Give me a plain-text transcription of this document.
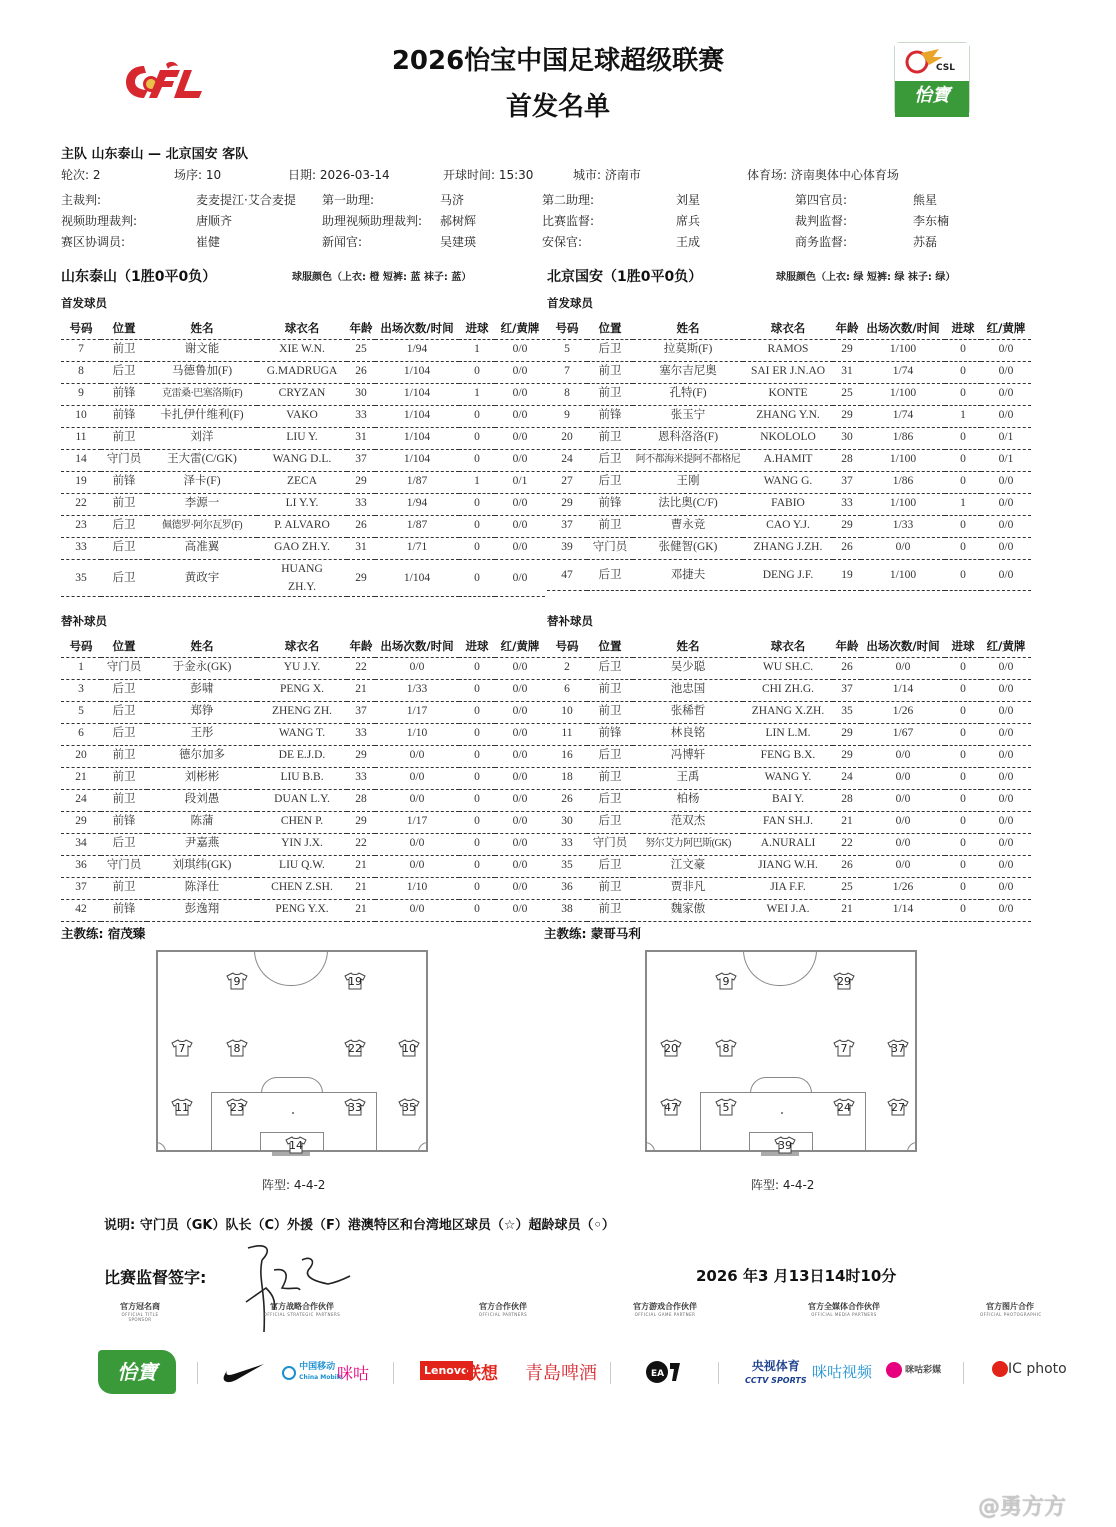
2026怡宝中国足球超级联赛
首发名单
CSL
怡寶
主队 山东泰山 — 北京国安 客队
轮次: 2	场序: 10	日期: 2026-03-14	开球时间: 15:30	城市: 济南市	体育场: 济南奥体中心体育场
主裁判:	麦麦提江·艾合麦提 第一助理:	马济	第二助理:	刘星	第四官员:	熊星
视频助理裁判:	唐顺齐	助理视频助理裁判: 郝树辉	比赛监督:	席兵	裁判监督:	李东楠
赛区协调员:	崔健	新闻官:	吴建瑛	安保官:	王成	商务监督:	苏磊
山东泰山（1胜0平0负）	球服颜色（上衣: 橙 短裤: 蓝 袜子: 蓝）
首发球员
北京国安（1胜0平0负）	球服颜色（上衣: 绿 短裤: 绿 袜子: 绿）
首发球员
号码	位置	姓名	球衣名	年龄	出场次数/时间	进球	红/黄牌
7	前卫	谢文能	XIE W.N.	25	1/94	1	0/0
8	后卫	马德鲁加(F)	G.MADRUGA	26	1/104	0	0/0
9	前锋	克雷桑·巴塞洛斯(F)	CRYZAN	30	1/104	1	0/0
10	前锋	卡扎伊什维利(F)	VAKO	33	1/104	0	0/0
11	前卫	刘洋	LIU Y.	31	1/104	0	0/0
14	守门员	王大雷(C/GK)	WANG D.L.	37	1/104	0	0/0
19	前锋	泽卡(F)	ZECA	29	1/87	1	0/1
22	前卫	李源一	LI Y.Y.	33	1/94	0	0/0
23	后卫	佩德罗·阿尔瓦罗(F)	P. ALVARO	26	1/87	0	0/0
33	后卫	高准翼	GAO ZH.Y.	31	1/71	0	0/0
35	后卫	黄政宇	HUANG ZH.Y.	29	1/104	0	0/0
号码	位置	姓名	球衣名	年龄	出场次数/时间	进球	红/黄牌
5	后卫	拉莫斯(F)	RAMOS	29	1/100	0	0/0
7	前卫	塞尔吉尼奥	SAI ER J.N.AO	31	1/74	0	0/0
8	前卫	孔特(F)	KONTE	25	1/100	0	0/0
9	前锋	张玉宁	ZHANG Y.N.	29	1/74	1	0/0
20	前卫	恩科洛洛(F)	NKOLOLO	30	1/86	0	0/1
24	后卫	阿不都海米提阿不都格尼	A.HAMIT	28	1/100	0	0/1
27	后卫	王刚	WANG G.	37	1/86	0	0/0
29	前锋	法比奥(C/F)	FABIO	33	1/100	1	0/0
37	前卫	曹永竞	CAO Y.J.	29	1/33	0	0/0
39	守门员	张健智(GK)	ZHANG J.ZH.	26	0/0	0	0/0
47	后卫	邓捷夫	DENG J.F.	19	1/100	0	0/0
号码	位置	姓名	球衣名	年龄	出场次数/时间	进球	红/黄牌
1	守门员	于金永(GK)	YU J.Y.	22	0/0	0	0/0
3	后卫	彭啸	PENG X.	21	1/33	0	0/0
5	后卫	郑铮	ZHENG ZH.	37	1/17	0	0/0
6	后卫	王彤	WANG T.	33	1/10	0	0/0
20	前卫	德尔加多	DE E.J.D.	29	0/0	0	0/0
21	前卫	刘彬彬	LIU B.B.	33	0/0	0	0/0
24	前卫	段刘愚	DUAN L.Y.	28	0/0	0	0/0
29	前锋	陈蒲	CHEN P.	29	1/17	0	0/0
34	后卫	尹嘉燕	YIN J.X.	22	0/0	0	0/0
36	守门员	刘琪纬(GK)	LIU Q.W.	21	0/0	0	0/0
37	前卫	陈泽仕	CHEN Z.SH.	21	1/10	0	0/0
42	前锋	彭逸翔	PENG Y.X.	21	0/0	0	0/0
号码	位置	姓名	球衣名	年龄	出场次数/时间	进球	红/黄牌
2	后卫	吴少聪	WU SH.C.	26	0/0	0	0/0
6	前卫	池忠国	CHI ZH.G.	37	1/14	0	0/0
10	前卫	张稀哲	ZHANG X.ZH.	35	1/26	0	0/0
11	前锋	林良铭	LIN L.M.	29	1/67	0	0/0
16	后卫	冯博轩	FENG B.X.	29	0/0	0	0/0
18	前卫	王禹	WANG Y.	24	0/0	0	0/0
26	后卫	柏杨	BAI Y.	28	0/0	0	0/0
30	后卫	范双杰	FAN SH.J.	21	0/0	0	0/0
33	守门员	努尔艾力阿巴斯(GK)	A.NURALI	22	0/0	0	0/0
35	后卫	江文豪	JIANG W.H.	26	0/0	0	0/0
36	前卫	贾非凡	JIA F.F.	25	1/26	0	0/0
38	前卫	魏家傲	WEI J.A.	21	1/14	0	0/0
替补球员	替补球员
主教练: 宿茂臻	主教练: 蒙哥马利
9	19
7	8	22	10
11	23	33	35
14
9	29
20	8	7	37
47	5	24	27
39
阵型: 4-4-2	阵型: 4-4-2
说明: 守门员（GK）队长（C）外援（F）港澳特区和台湾地区球员（☆）超龄球员（◦）
比赛监督签字:	2026 年3 月13日14时10分
官方冠名商
OFFICIAL TITLE SPONSOR
官方战略合作伙伴
OFFICIAL STRATEGIC PARTNERS
官方合作伙伴
OFFICIAL PARTNERS
官方游戏合作伙伴
OFFICIAL GAME PARTNER
官方全媒体合作伙伴
OFFICIAL MEDIA PARTNERS
官方图片合作
OFFICIAL PHOTOGRAPHIC
怡寶	中国移动
China Mobile
咪咕	Lenovo
联想 青島啤酒	EA
央视体育
CCTV SPORTS 咪咕视频	咪咕彩媒	IC photo
@勇方方
